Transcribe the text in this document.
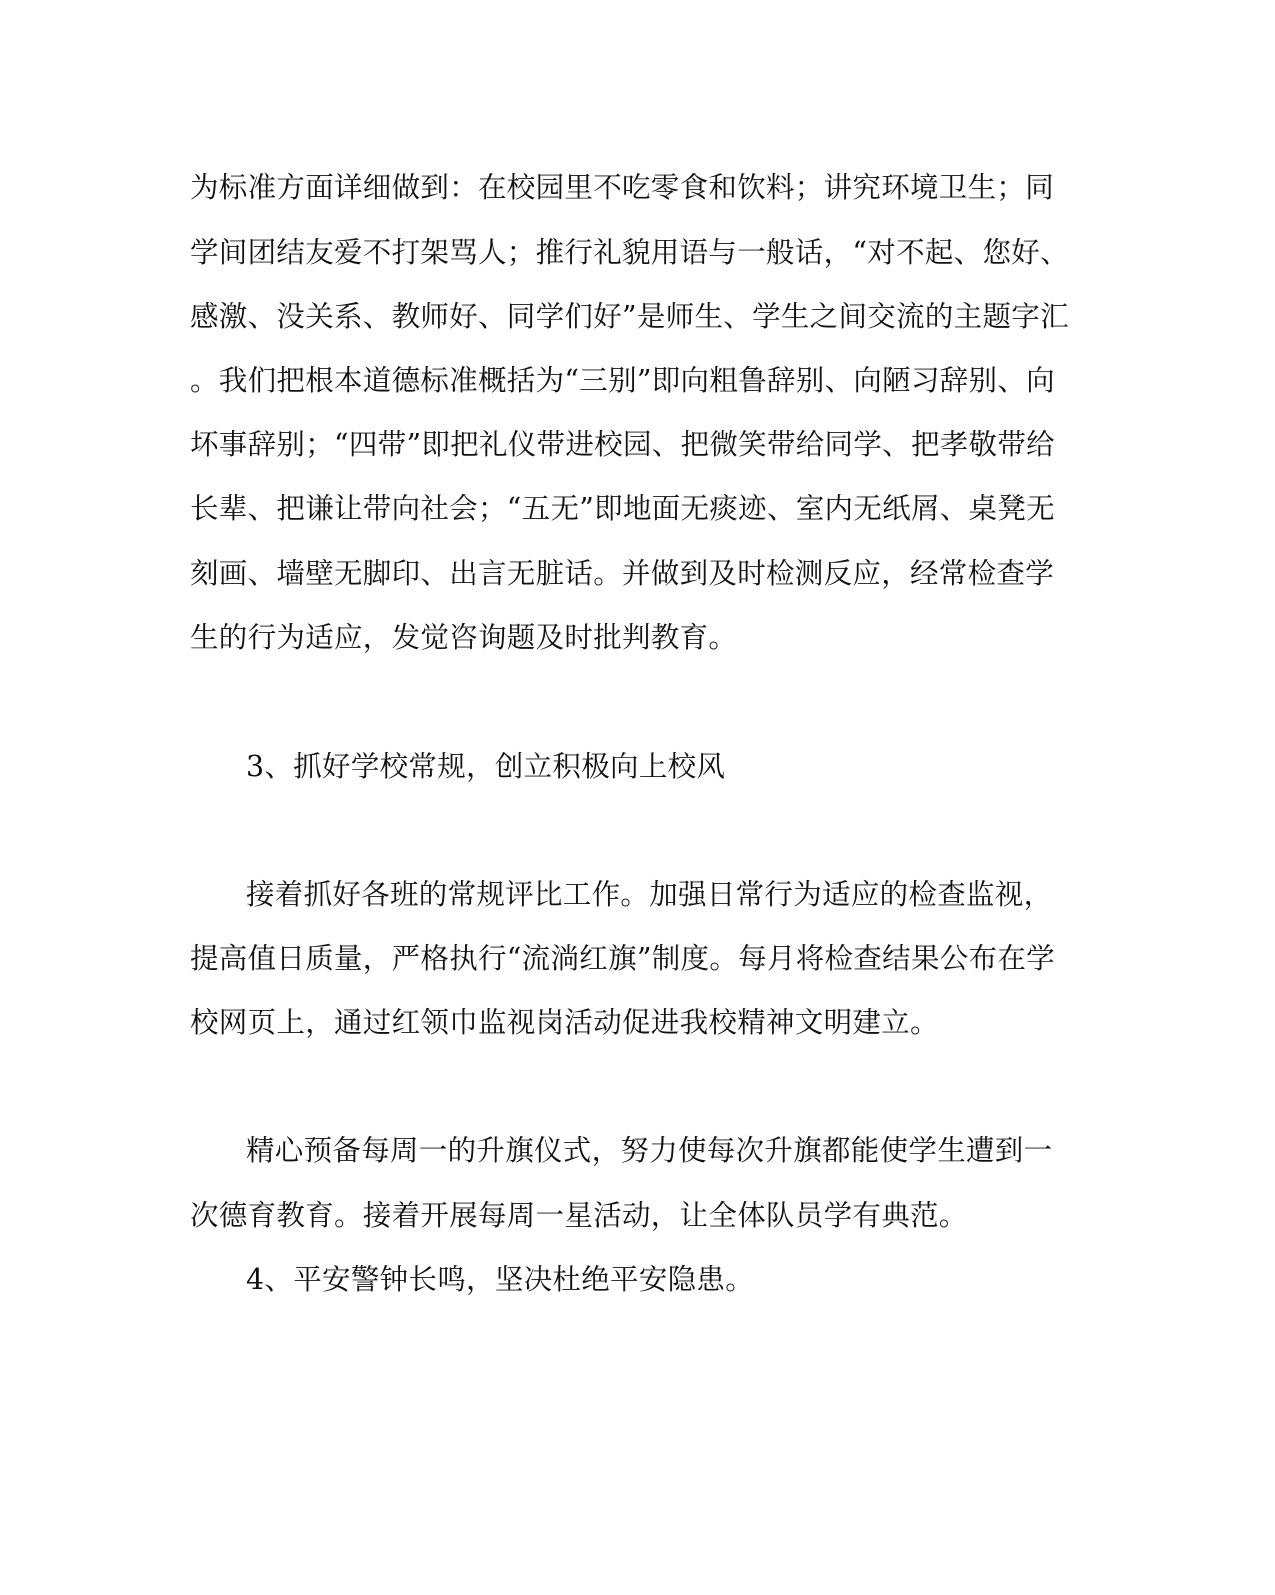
为标准方面详细做到：在校园里不吃零食和饮料；讲究环境卫生；同
学间团结友爱不打架骂人；推行礼貌用语与一般话，“对不起、您好、
感激、没关系、教师好、同学们好”是师生、学生之间交流的主题字汇
。我们把根本道德标准概括为“三别”即向粗鲁辞别、向陋习辞别、向
坏事辞别；“四带”即把礼仪带进校园、把微笑带给同学、把孝敬带给
长辈、把谦让带向社会；“五无”即地面无痰迹、室内无纸屑、桌凳无
刻画、墙壁无脚印、出言无脏话。并做到及时检测反应，经常检查学
生的行为适应，发觉咨询题及时批判教育。
3、抓好学校常规，创立积极向上校风
接着抓好各班的常规评比工作。加强日常行为适应的检查监视，
提高值日质量，严格执行“流淌红旗”制度。每月将检查结果公布在学
校网页上，通过红领巾监视岗活动促进我校精神文明建立。
精心预备每周一的升旗仪式，努力使每次升旗都能使学生遭到一
次德育教育。接着开展每周一星活动，让全体队员学有典范。
4、平安警钟长鸣，坚决杜绝平安隐患。
